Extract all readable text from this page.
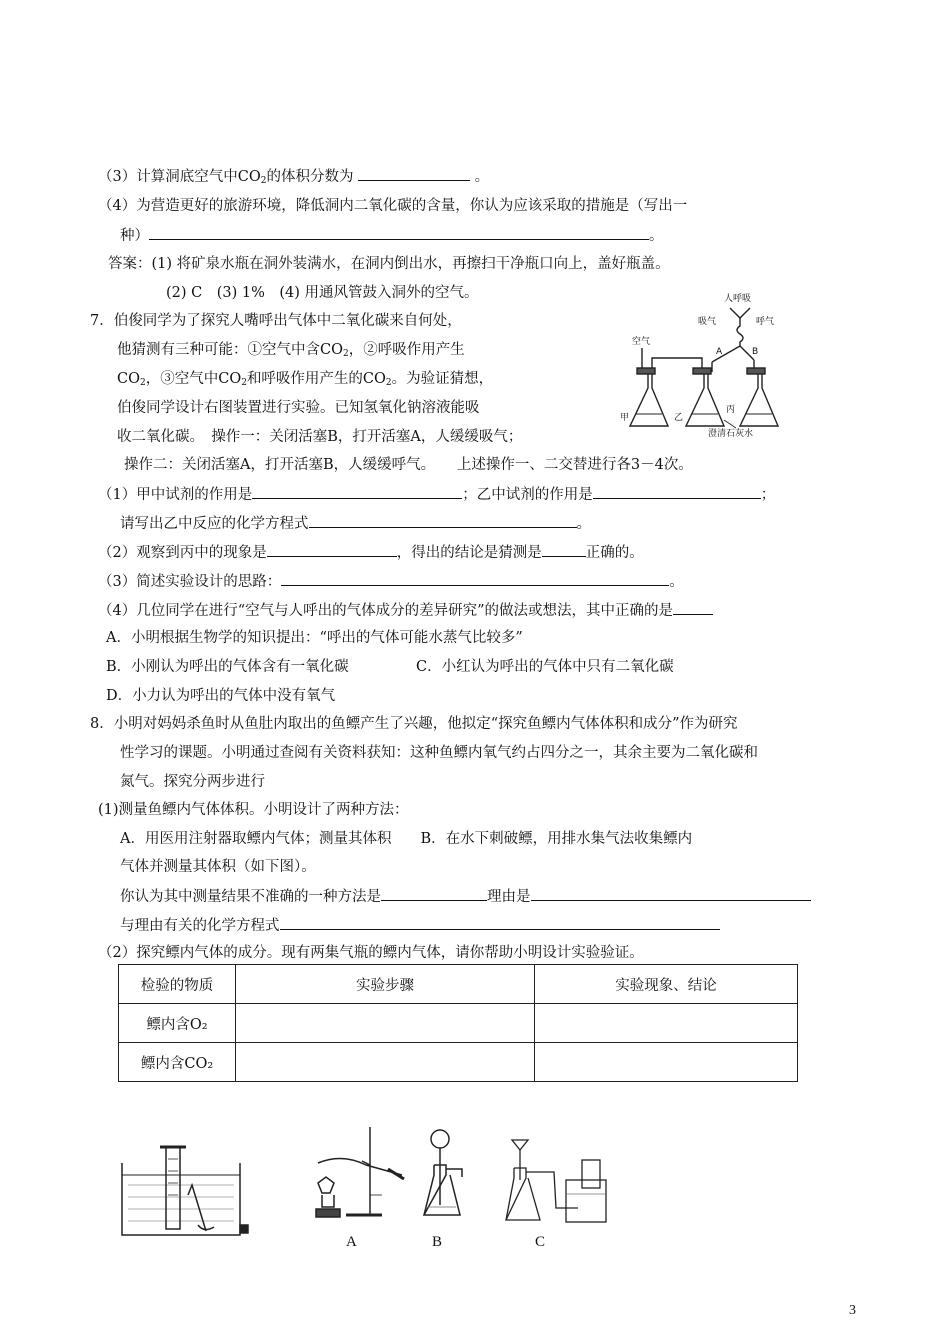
（3）计算洞底空气中$CO_2$的体积分数为	。
（4）为营造更好的旅游环境，降低洞内二氧化碳的含量，你认为应该采取的措施是（写出一
种）	。
答案：(1) 将矿泉水瓶在洞外装满水，在洞内倒出水，再擦扫干净瓶口向上，盖好瓶盖。
(2) C　(3) 1%　(4) 用通风管鼓入洞外的空气。
7．伯俊同学为了探究人嘴呼出气体中二氧化碳来自何处，
他猜测有三种可能：①空气中含$CO_2$，②呼吸作用产生
$CO_2$，③空气中$CO_2$和呼吸作用产生的$CO_2$。为验证猜想，
伯俊同学设计右图装置进行实验。已知氢氧化钠溶液能吸
收二氧化碳。　操作一：关闭活塞B，打开活塞A，人缓缓吸气；
操作二：关闭活塞A，打开活塞B，人缓缓呼气。　　上述操作一、二交替进行各3－4次。
人呼吸
吸气	呼气
空气
A	B
甲	乙
丙
澄清石灰水
（1）甲中试剂的作用是	；乙中试剂的作用是	；
请写出乙中反应的化学方程式	。
（2）观察到丙中的现象是	，得出的结论是猜测是	正确的。
（3）简述实验设计的思路：	。
（4）几位同学在进行“空气与人呼出的气体成分的差异研究”的做法或想法，其中正确的是
A．小明根据生物学的知识提出：“呼出的气体可能水蒸气比较多”
B．小刚认为呼出的气体含有一氧化碳	C．小红认为呼出的气体中只有二氧化碳
D．小力认为呼出的气体中没有氧气
8．小明对妈妈杀鱼时从鱼肚内取出的鱼鳔产生了兴趣，他拟定“探究鱼鳔内气体体积和成分”作为研究
性学习的课题。小明通过查阅有关资料获知：这种鱼鳔内氧气约占四分之一，其余主要为二氧化碳和
氮气。探究分两步进行
(1)测量鱼鳔内气体体积。小明设计了两种方法：
A．用医用注射器取鳔内气体；测量其体积　　B．在水下刺破鳔，用排水集气法收集鳔内
气体并测量其体积（如下图）。
你认为其中测量结果不准确的一种方法是	理由是
与理由有关的化学方程式
（2）探究鳔内气体的成分。现有两集气瓶的鳔内气体，请你帮助小明设计实验验证。
检验的物质	实验步骤	实验现象、结论
鳔内含O₂		
鳔内含CO₂		
A	B	C
3
